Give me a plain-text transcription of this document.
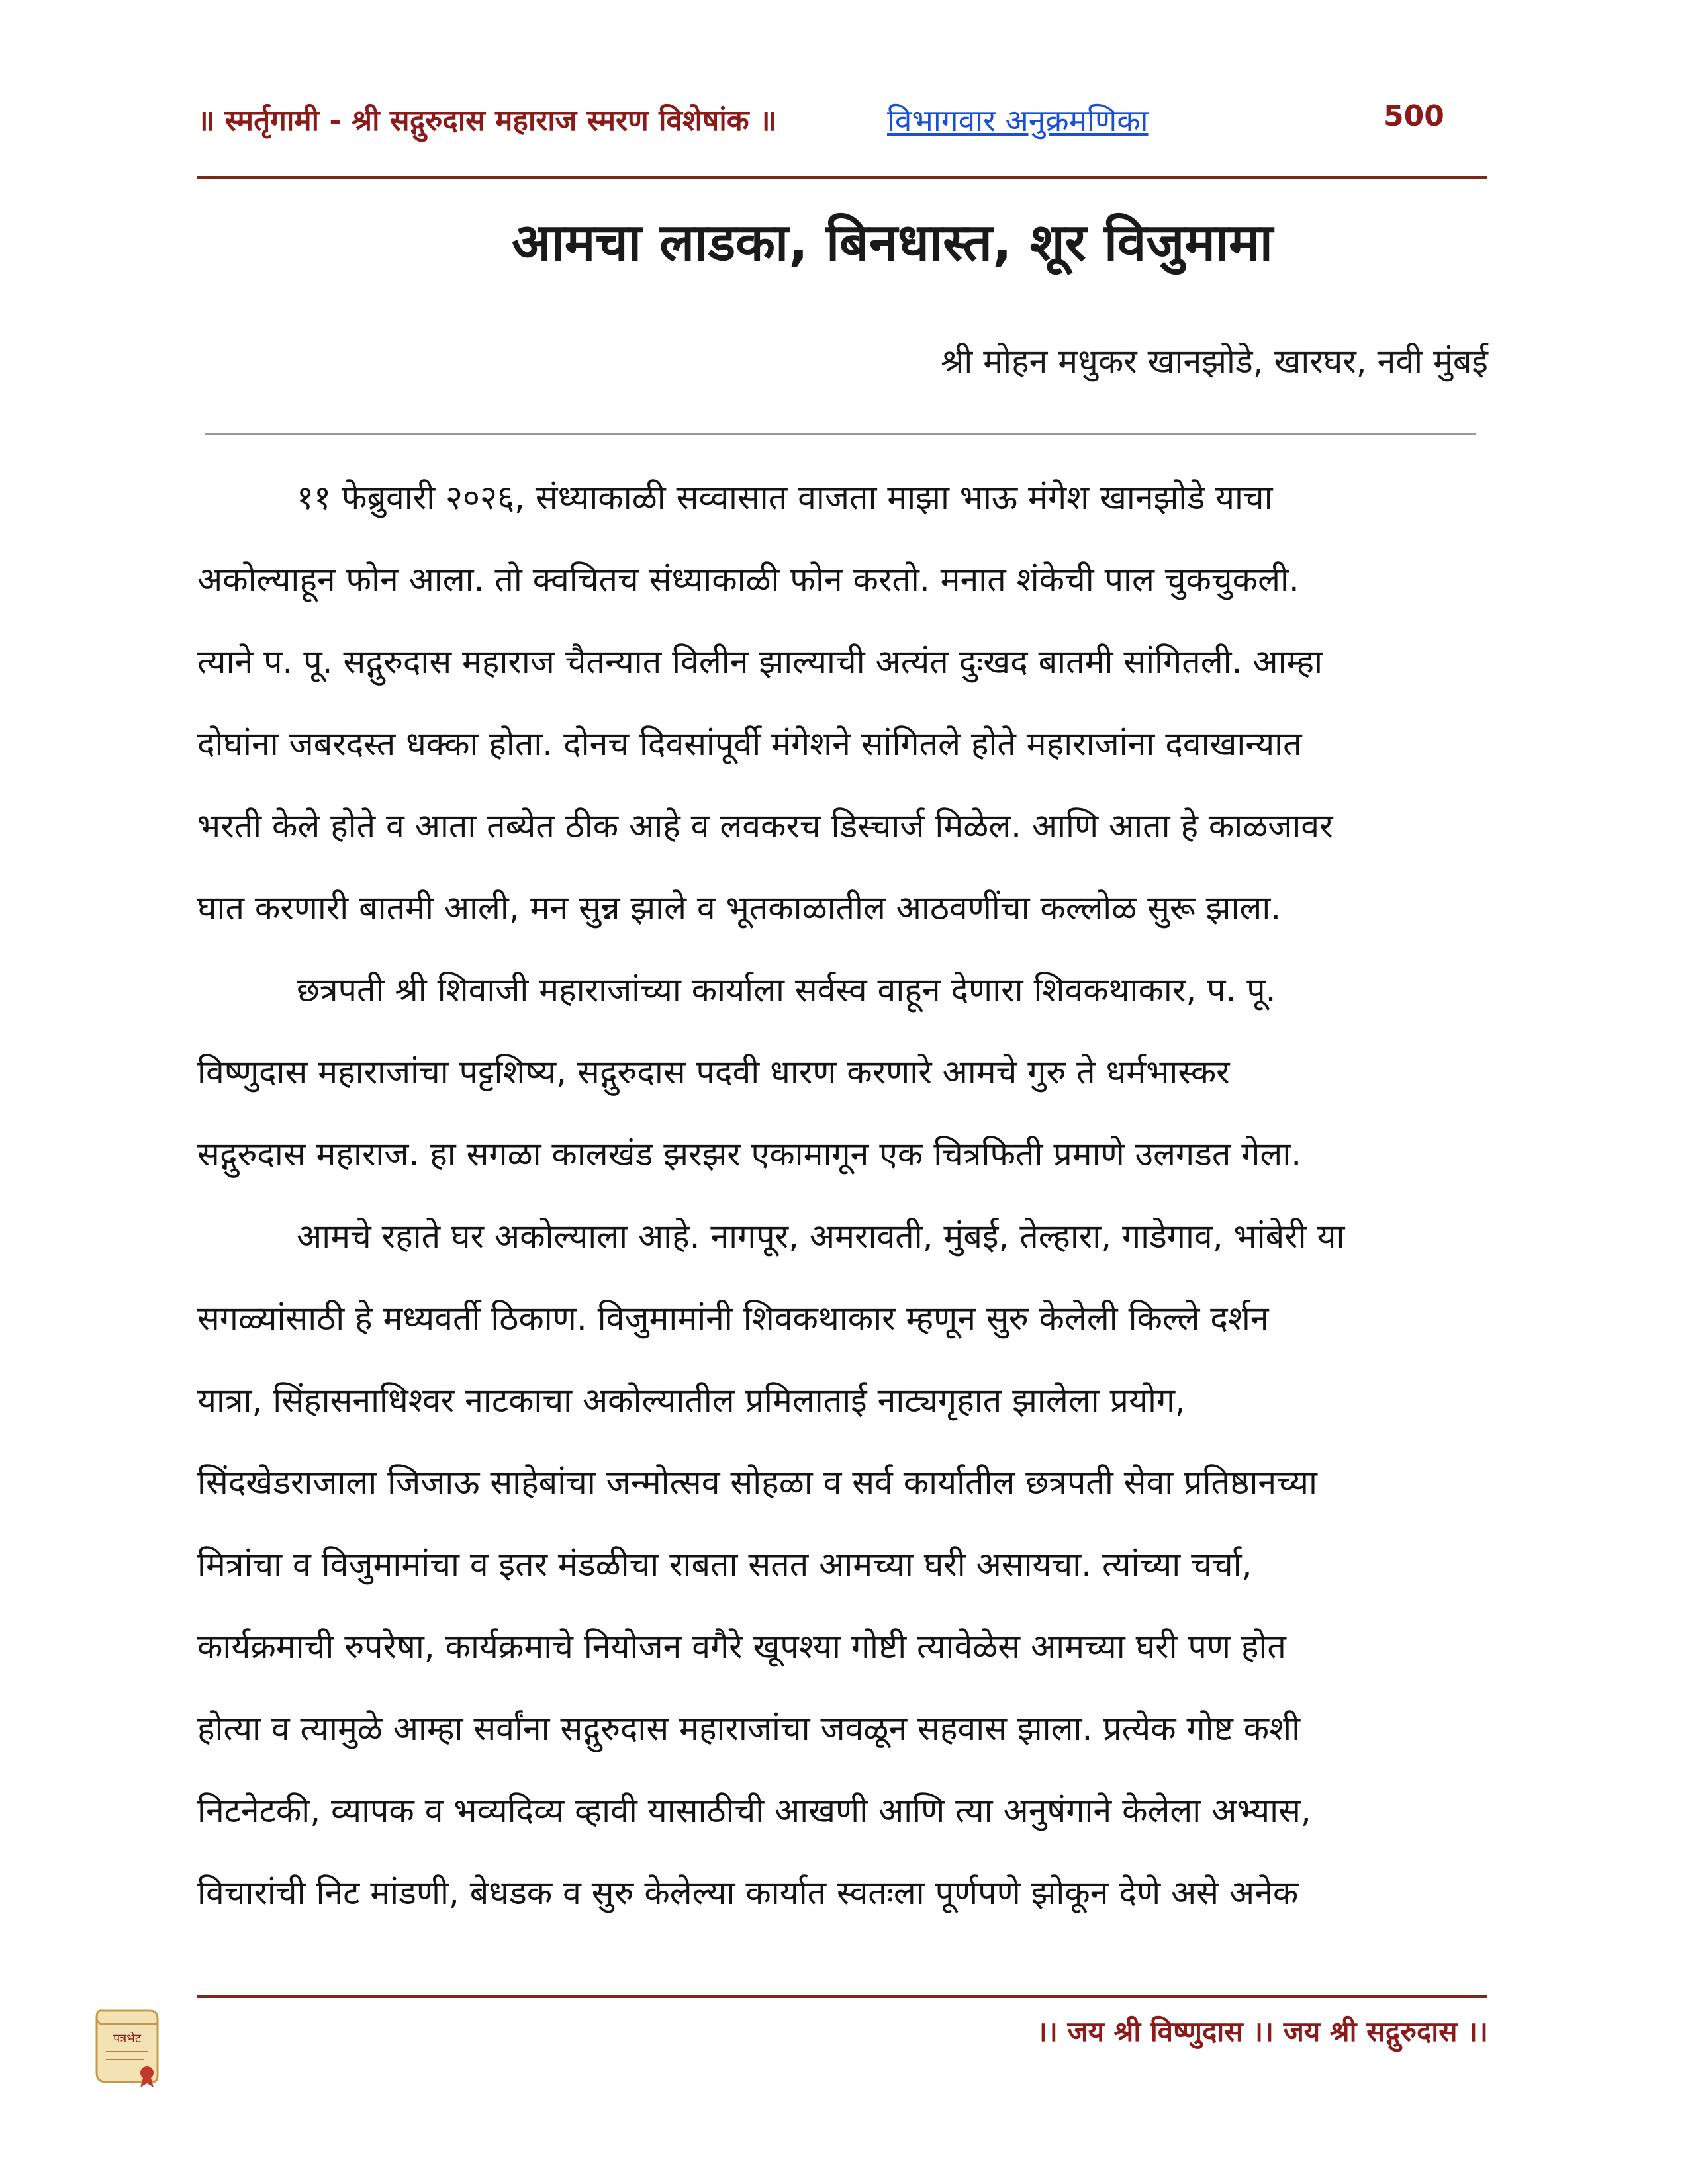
॥ स्मर्तृगामी - श्री सद्गुरुदास महाराज स्मरण विशेषांक ॥	विभागवार अनुक्रमणिका	500
आमचा लाडका, बिनधास्त, शूर विजुमामा
श्री मोहन मधुकर खानझोडे, खारघर, नवी मुंबई

११ फेब्रुवारी २०२६, संध्याकाळी सव्वासात वाजता माझा भाऊ मंगेश खानझोडे याचा

अकोल्याहून फोन आला. तो क्वचितच संध्याकाळी फोन करतो. मनात शंकेची पाल चुकचुकली.

त्याने प. पू. सद्गुरुदास महाराज चैतन्यात विलीन झाल्याची अत्यंत दुःखद बातमी सांगितली. आम्हा

दोघांना जबरदस्त धक्का होता. दोनच दिवसांपूर्वी मंगेशने सांगितले होते महाराजांना दवाखान्यात

भरती केले होते व आता तब्येत ठीक आहे व लवकरच डिस्चार्ज मिळेल. आणि आता हे काळजावर

घात करणारी बातमी आली, मन सुन्न झाले व भूतकाळातील आठवणींचा कल्लोळ सुरू झाला.

छत्रपती श्री शिवाजी महाराजांच्या कार्याला सर्वस्व वाहून देणारा शिवकथाकार, प. पू.

विष्णुदास महाराजांचा पट्टशिष्य, सद्गुरुदास पदवी धारण करणारे आमचे गुरु ते धर्मभास्कर

सद्गुरुदास महाराज. हा सगळा कालखंड झरझर एकामागून एक चित्रफिती प्रमाणे उलगडत गेला.

आमचे रहाते घर अकोल्याला आहे. नागपूर, अमरावती, मुंबई, तेल्हारा, गाडेगाव, भांबेरी या

सगळ्यांसाठी हे मध्यवर्ती ठिकाण. विजुमामांनी शिवकथाकार म्हणून सुरु केलेली किल्ले दर्शन

यात्रा, सिंहासनाधिश्वर नाटकाचा अकोल्यातील प्रमिलाताई नाट्यगृहात झालेला प्रयोग,

सिंदखेडराजाला जिजाऊ साहेबांचा जन्मोत्सव सोहळा व सर्व कार्यातील छत्रपती सेवा प्रतिष्ठानच्या

मित्रांचा व विजुमामांचा व इतर मंडळीचा राबता सतत आमच्या घरी असायचा. त्यांच्या चर्चा,

कार्यक्रमाची रुपरेषा, कार्यक्रमाचे नियोजन वगैरे खूपश्या गोष्टी त्यावेळेस आमच्या घरी पण होत

होत्या व त्यामुळे आम्हा सर्वांना सद्गुरुदास महाराजांचा जवळून सहवास झाला. प्रत्येक गोष्ट कशी

निटनेटकी, व्यापक व भव्यदिव्य व्हावी यासाठीची आखणी आणि त्या अनुषंगाने केलेला अभ्यास,

विचारांची निट मांडणी, बेधडक व सुरु केलेल्या कार्यात स्वतःला पूर्णपणे झोकून देणे असे अनेक

पत्रभेट	।। जय श्री विष्णुदास ।। जय श्री सद्गुरुदास ।।
